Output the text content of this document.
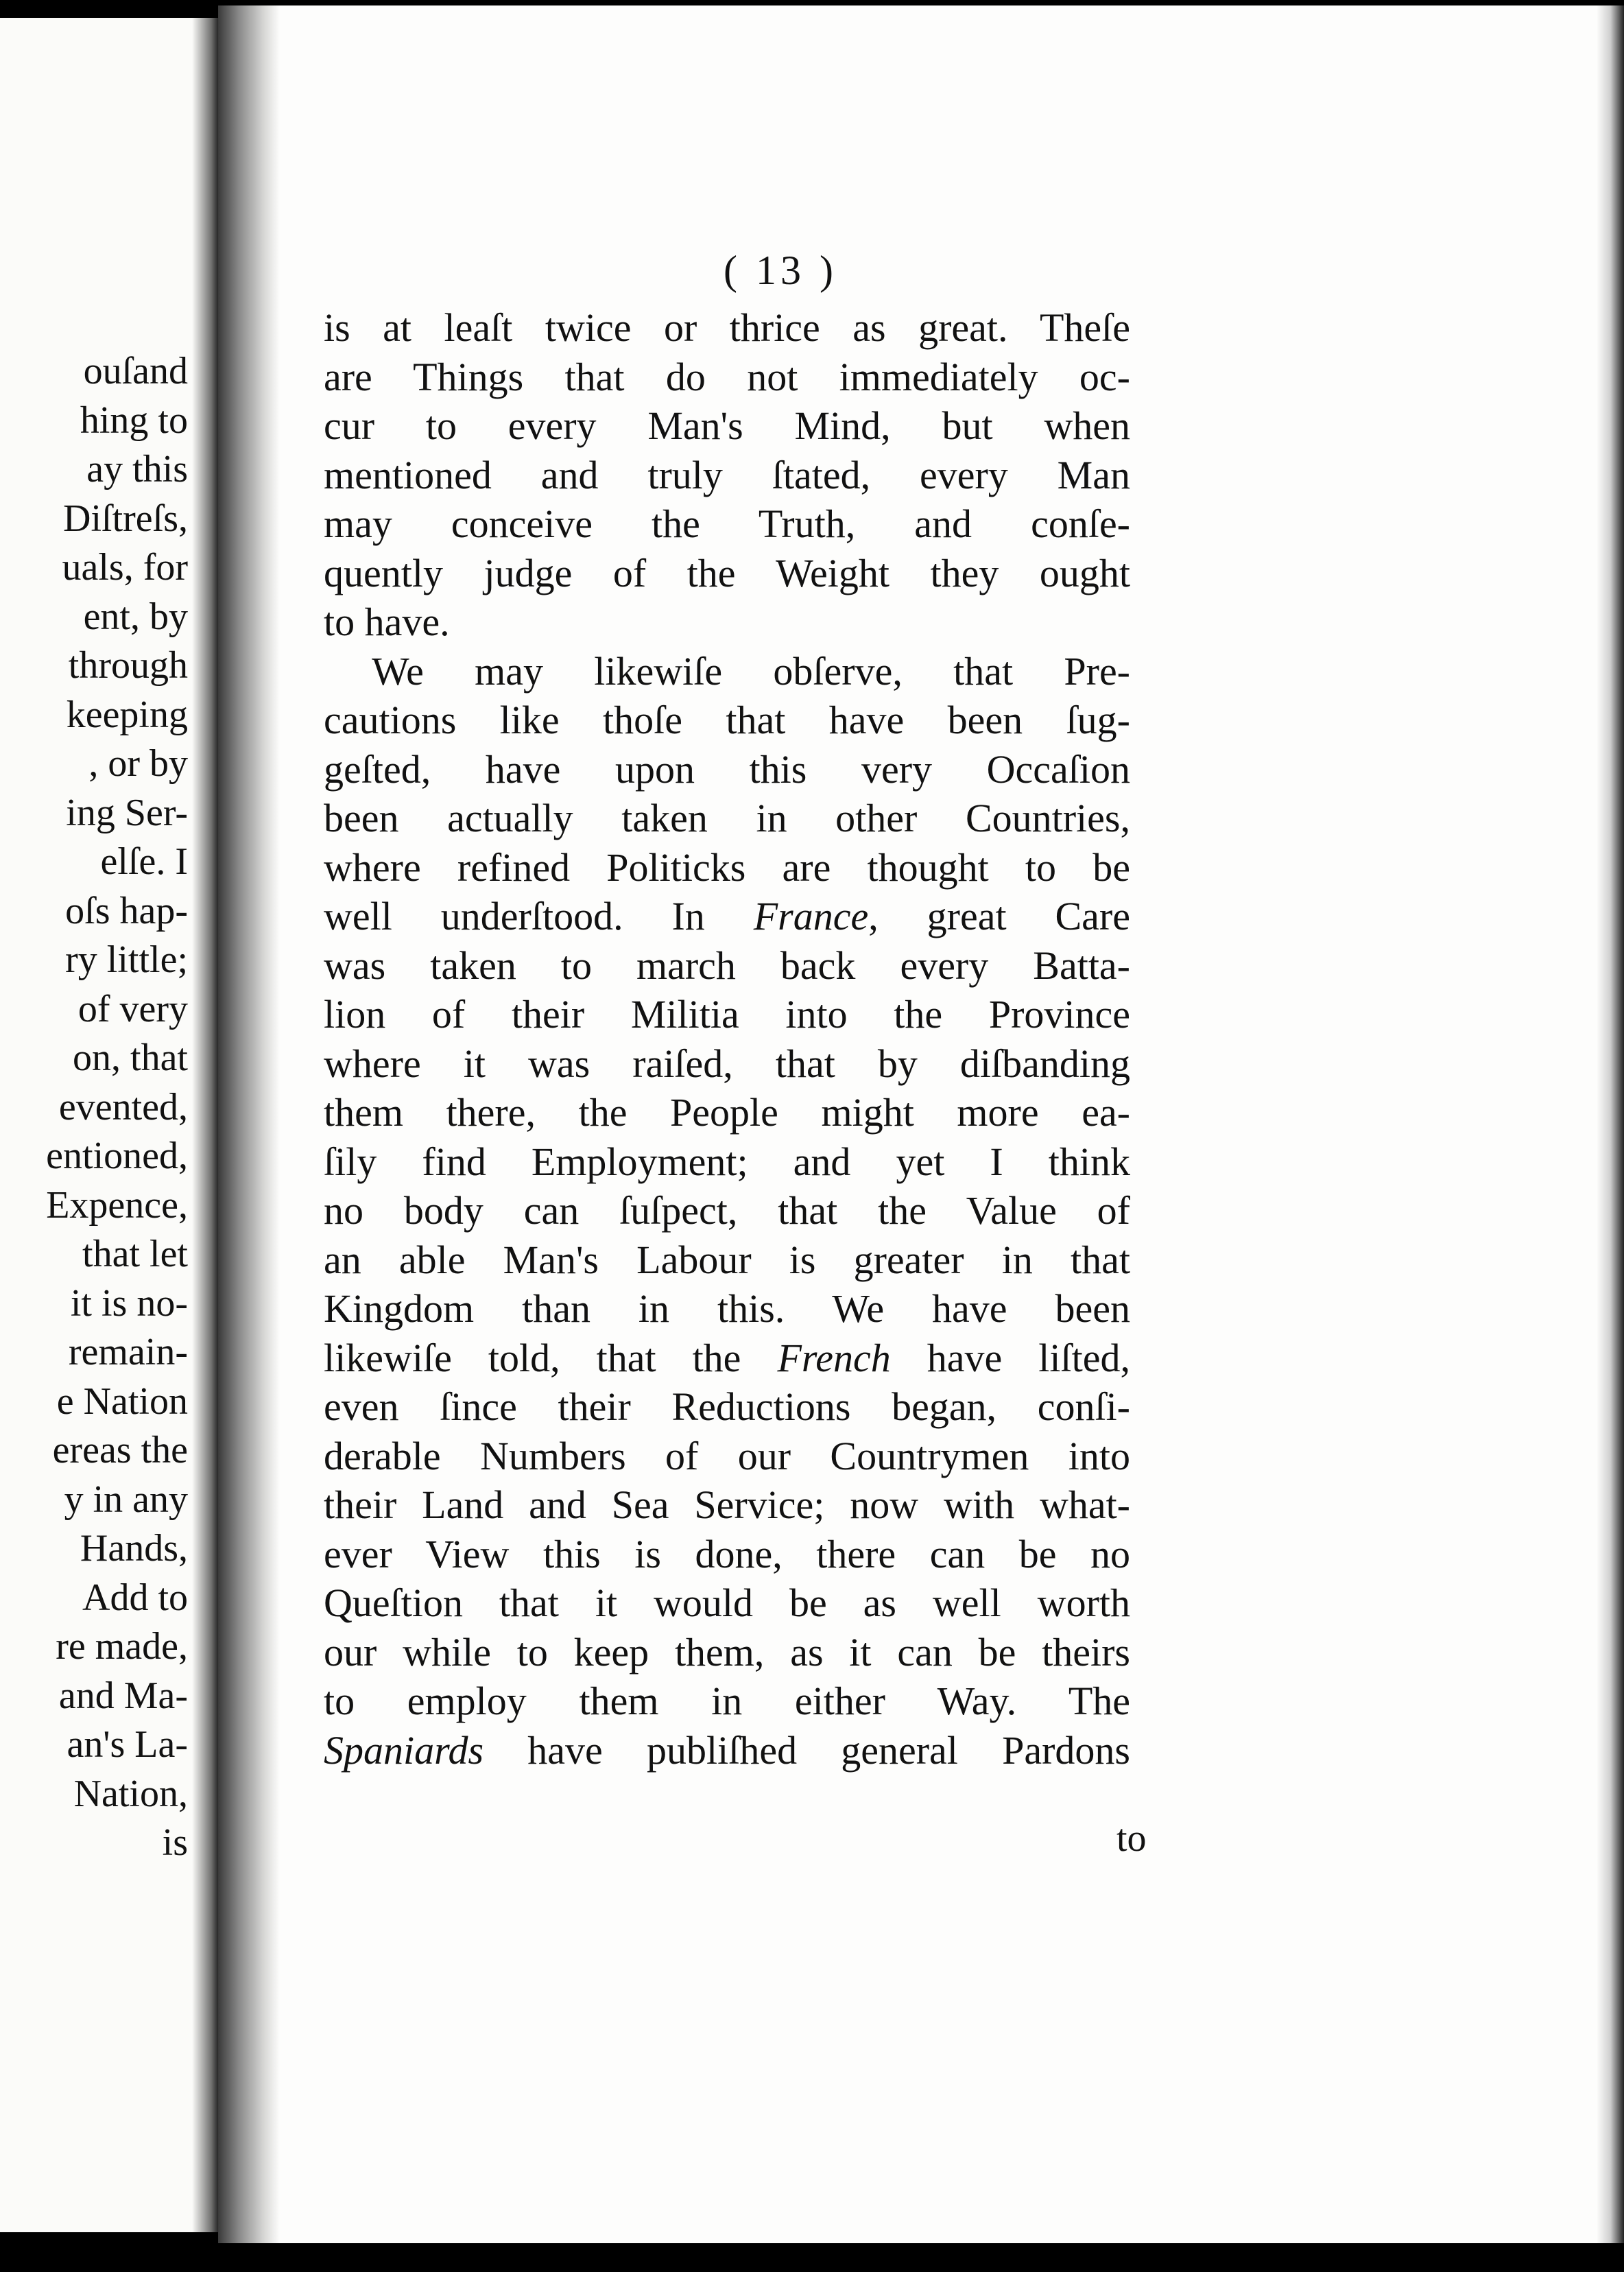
ouſand
hing to
ay this
Diſtreſs,
uals, for
ent, by
through
keeping
, or by
ing Ser-
elſe. I
oſs hap-
ry little;
of very
on, that
evented,
entioned,
Expence,
that let
it is no-
remain-
e Nation
ereas the
y in any
Hands,
Add to
re made,
and Ma-
an's La-
Nation,
is
( 13 )
is at leaſt twice or thrice as great. Theſe
are Things that do not immediately oc-
cur to every Man's Mind, but when
mentioned and truly ſtated, every Man
may conceive the Truth, and conſe-
quently judge of the Weight they ought
to have.
We may likewiſe obſerve, that Pre-
cautions like thoſe that have been ſug-
geſted, have upon this very Occaſion
been actually taken in other Countries,
where refined Politicks are thought to be
well underſtood. In France, great Care
was taken to march back every Batta-
lion of their Militia into the Province
where it was raiſed, that by diſbanding
them there, the People might more ea-
ſily find Employment; and yet I think
no body can ſuſpect, that the Value of
an able Man's Labour is greater in that
Kingdom than in this. We have been
likewiſe told, that the French have liſted,
even ſince their Reductions began, conſi-
derable Numbers of our Countrymen into
their Land and Sea Service; now with what-
ever View this is done, there can be no
Queſtion that it would be as well worth
our while to keep them, as it can be theirs
to employ them in either Way. The
Spaniards have publiſhed general Pardons
to
